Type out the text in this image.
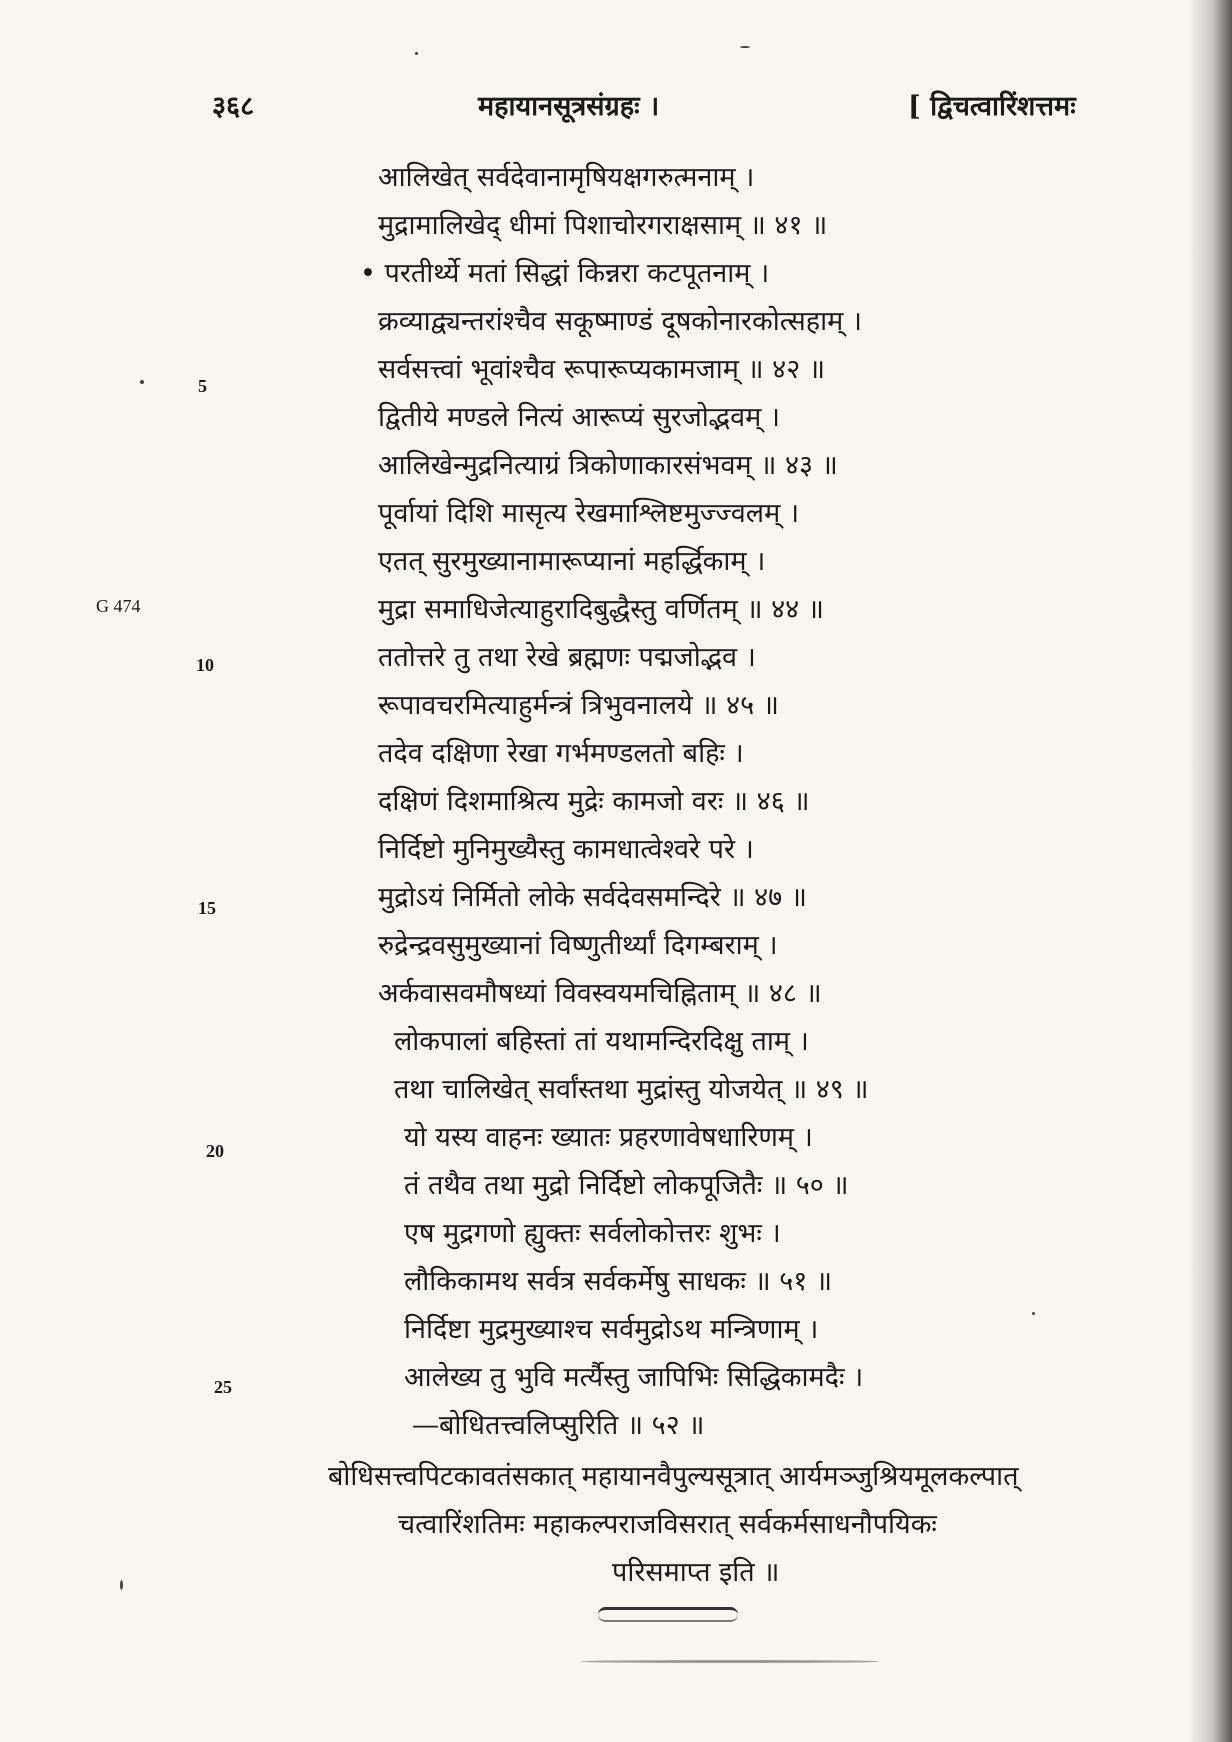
३६८	महायानसूत्रसंग्रहः ।	[ द्विचत्वारिंशत्तमः
5
10
15
20
25
G 474
आलिखेत् सर्वदेवानामृषियक्षगरुत्मनाम् ।
मुद्रामालिखेद् धीमां पिशाचोरगराक्षसाम् ॥ ४१ ॥
• परतीर्थ्ये मतां सिद्धां किन्नरा कटपूतनाम् ।
क्रव्याद्व्यन्तरांश्चैव सकूष्माण्डं दूषकोनारकोत्सहाम् ।
सर्वसत्त्वां भूवांश्चैव रूपारूप्यकामजाम् ॥ ४२ ॥
द्वितीये मण्डले नित्यं आरूप्यं सुरजोद्भवम् ।
आलिखेन्मुद्रनित्याग्रं त्रिकोणाकारसंभवम् ॥ ४३ ॥
पूर्वायां दिशि मासृत्य रेखमाश्लिष्टमुज्ज्वलम् ।
एतत् सुरमुख्यानामारूप्यानां महर्द्धिकाम् ।
मुद्रा समाधिजेत्याहुरादिबुद्धैस्तु वर्णितम् ॥ ४४ ॥
ततोत्तरे तु तथा रेखे ब्रह्मणः पद्मजोद्भव ।
रूपावचरमित्याहुर्मन्त्रं त्रिभुवनालये ॥ ४५ ॥
तदेव दक्षिणा रेखा गर्भमण्डलतो बहिः ।
दक्षिणं दिशमाश्रित्य मुद्रेः कामजो वरः ॥ ४६ ॥
निर्दिष्टो मुनिमुख्यैस्तु कामधात्वेश्वरे परे ।
मुद्रोऽयं निर्मितो लोके सर्वदेवसमन्दिरे ॥ ४७ ॥
रुद्रेन्द्रवसुमुख्यानां विष्णुतीर्थ्यां दिगम्बराम् ।
अर्कवासवमौषध्यां विवस्वयमचिह्निताम् ॥ ४८ ॥
लोकपालां बहिस्तां तां यथामन्दिरदिक्षु ताम् ।
तथा चालिखेत् सर्वांस्तथा मुद्रांस्तु योजयेत् ॥ ४९ ॥
यो यस्य वाहनः ख्यातः प्रहरणावेषधारिणम् ।
तं तथैव तथा मुद्रो निर्दिष्टो लोकपूजितैः ॥ ५० ॥
एष मुद्रगणो ह्युक्तः सर्वलोकोत्तरः शुभः ।
लौकिकामथ सर्वत्र सर्वकर्मेषु साधकः ॥ ५१ ॥
निर्दिष्टा मुद्रमुख्याश्च सर्वमुद्रोऽथ मन्त्रिणाम् ।
आलेख्य तु भुवि मर्त्यैस्तु जापिभिः सिद्धिकामदैः ।
—बोधितत्त्वलिप्सुरिति ॥ ५२ ॥
बोधिसत्त्वपिटकावतंसकात् महायानवैपुल्यसूत्रात् आर्यमञ्जुश्रियमूलकल्पात्
चत्वारिंशतिमः महाकल्पराजविसरात् सर्वकर्मसाधनौपयिकः
परिसमाप्त इति ॥
